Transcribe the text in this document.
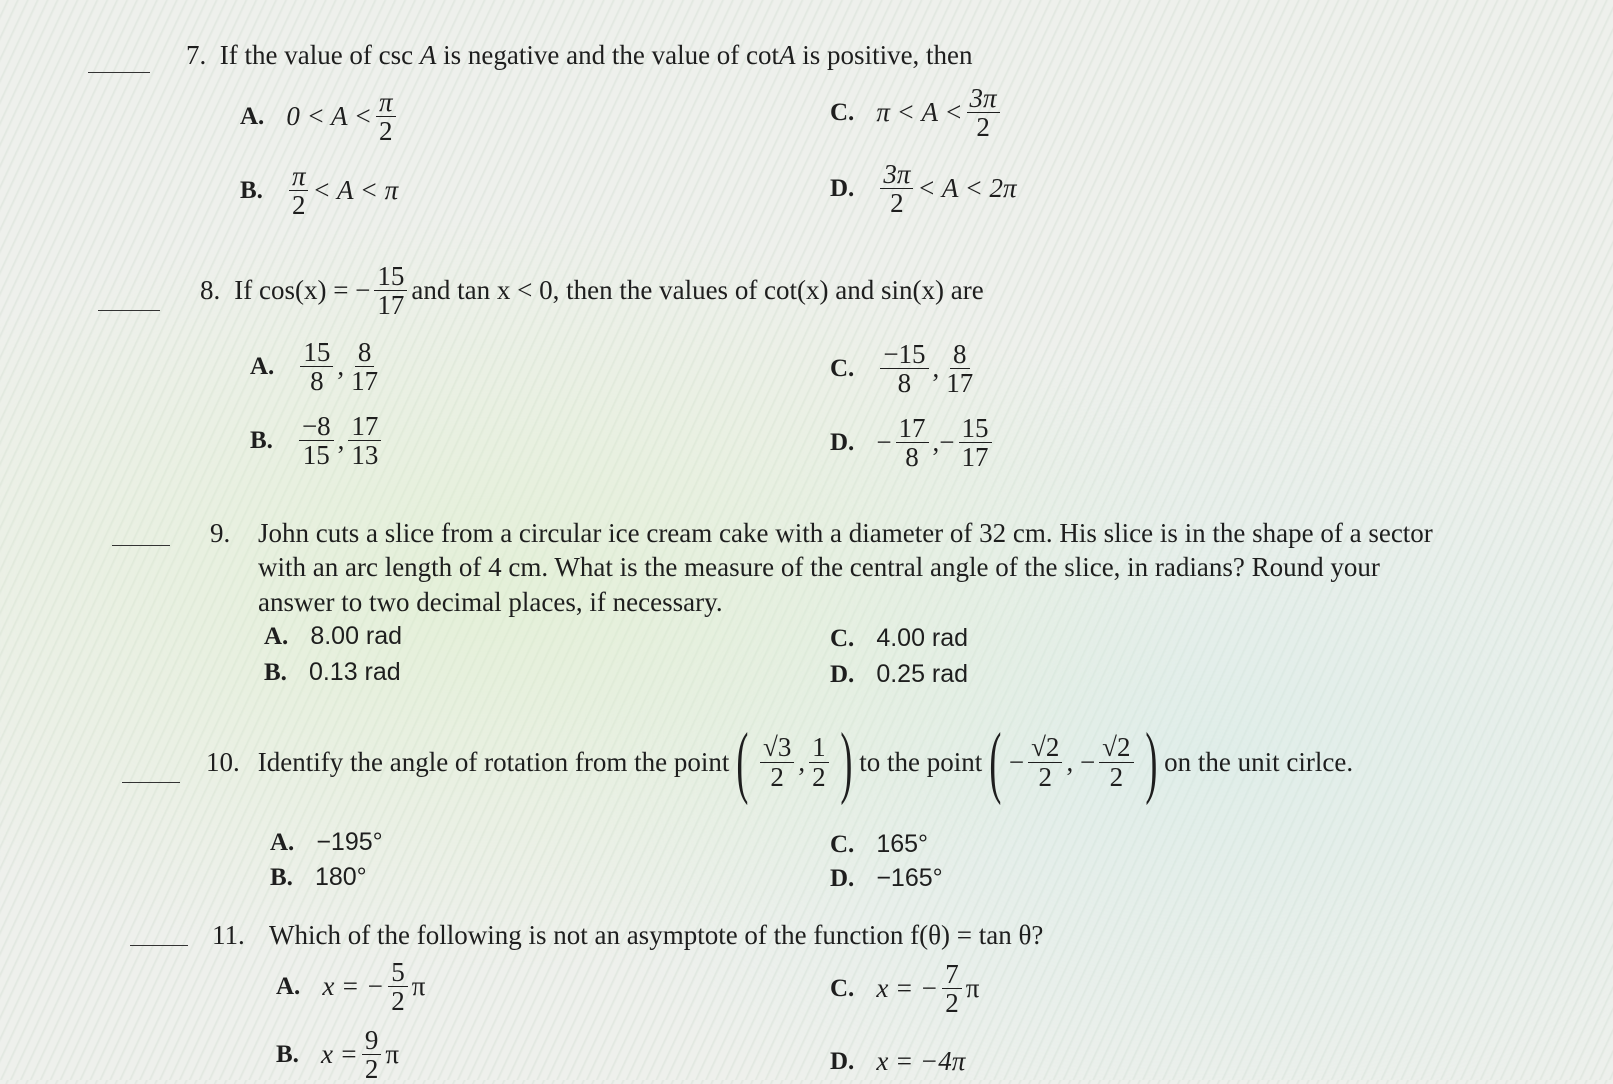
7. If the value of csc A is negative and the value of cotA is positive, then
A. $0 < A < \frac{\pi}{2}$
B. $\frac{\pi}{2} < A < \pi$
C. $\pi < A < \frac{3\pi}{2}$
D. $\frac{3\pi}{2} < A < 2\pi$
8. If cos(x) = − $\frac{15}{17}$ and tan x < 0, then the values of cot(x) and sin(x) are
A. $\frac{15}{8}$ , $\frac{8}{17}$
B. $\frac{-8}{15}$ , $\frac{17}{13}$
C. $\frac{-15}{8}$ , $\frac{8}{17}$
D. − $\frac{17}{8}$ , − $\frac{15}{17}$
9. John cuts a slice from a circular ice cream cake with a diameter of 32 cm. His slice is in the shape of a sector
with an arc length of 4 cm. What is the measure of the central angle of the slice, in radians? Round your
answer to two decimal places, if necessary.
A. 8.00 rad
B. 0.13 rad
C. 4.00 rad
D. 0.25 rad
10. Identify the angle of rotation from the point ( $\frac{√3}{2}$ , $\frac{1}{2}$ ) to the point ( − $\frac{√2}{2}$ , − $\frac{√2}{2}$ ) on the unit cirlce.
A. −195°
B. 180°
C. 165°
D. −165°
11. Which of the following is not an asymptote of the function f(θ) = tan θ?
A. x = − $\frac{5}{2}$ π
B. $x = \frac{9}{2}$ π
C. x = − $\frac{7}{2}$ π
D. x = −4π
